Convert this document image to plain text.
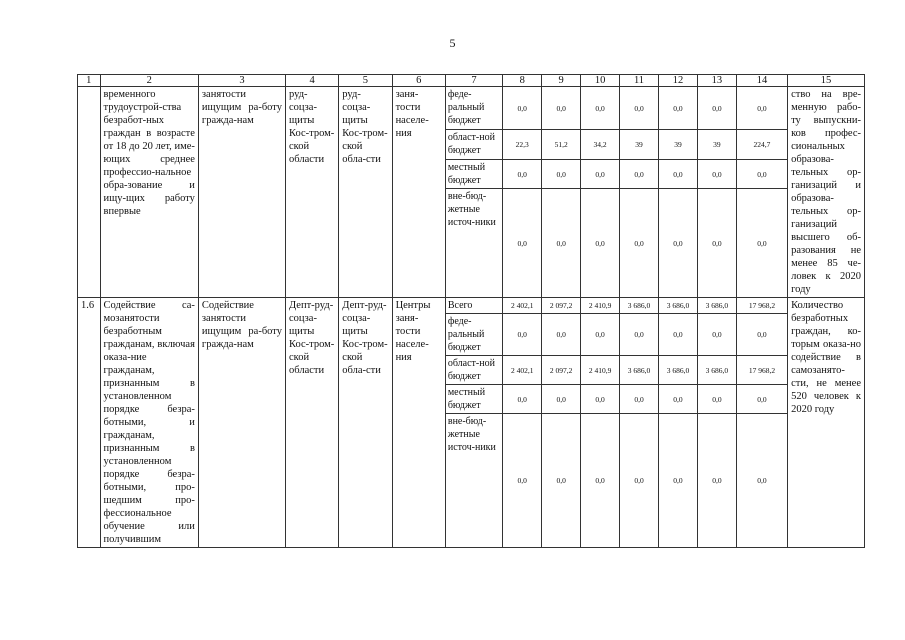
5
1	2	3	4	5	6	7	8	9	10	11	12	13	14	15
	временного трудоустрой-ства безработ-ных граждан в возрасте от 18 до 20 лет, име-ющих среднее профессио-нальное обра-зование и ищу-щих работу впервые	занятости ищущим ра-боту гражда-нам	руд-соцза-щиты Кос-тром-ской области	руд-соцза-щиты Кос-тром-ской обла-сти	заня-тости населе-ния	феде-ральный бюджет	0,0	0,0	0,0	0,0	0,0	0,0	0,0	ство на вре-менную рабо-ту выпускни-ков профес-сиональных образова-тельных ор-ганизаций и образова-тельных ор-ганизаций высшего об-разования не менее 85 че-ловек к 2020 году
						област-ной бюджет	22,3	51,2	34,2	39	39	39	224,7	
						местный бюджет	0,0	0,0	0,0	0,0	0,0	0,0	0,0	
						вне-бюд-жетные источ-ники	0,0	0,0	0,0	0,0	0,0	0,0	0,0	
1.6	Содействие са-мозанятости безработным гражданам, включая оказа-ние гражданам, признанным в установленном порядке безра-ботными, и гражданам, признанным в установленном порядке безра-ботными, про-шедшим про-фессиональное обучение или получившим	Содействие занятости ищущим ра-боту гражда-нам	Депт-руд-соцза-щиты Кос-тром-ской области	Депт-руд-соцза-щиты Кос-тром-ской обла-сти	Центры заня-тости населе-ния	Всего	2 402,1	2 097,2	2 410,9	3 686,0	3 686,0	3 686,0	17 968,2	Количество безработных граждан, ко-торым оказа-но содействие в самозанято-сти, не менее 520 человек к 2020 году
						феде-ральный бюджет	0,0	0,0	0,0	0,0	0,0	0,0	0,0	
						област-ной бюджет	2 402,1	2 097,2	2 410,9	3 686,0	3 686,0	3 686,0	17 968,2	
						местный бюджет	0,0	0,0	0,0	0,0	0,0	0,0	0,0	
						вне-бюд-жетные источ-ники	0,0	0,0	0,0	0,0	0,0	0,0	0,0	
